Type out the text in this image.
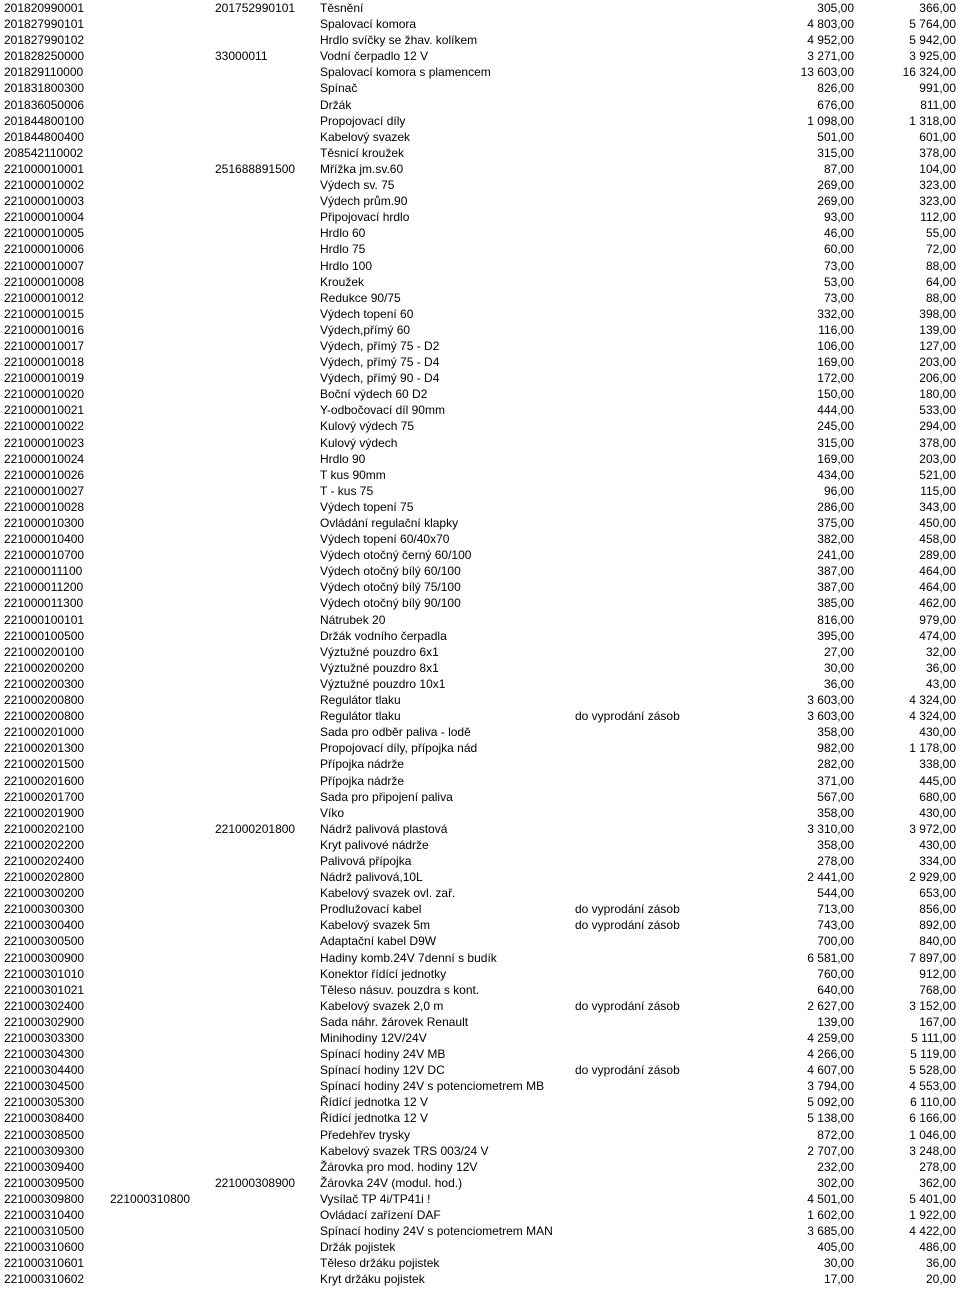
201820990001	201752990101 Těsnění	305,00	366,00
201827990101	Spalovací komora	4 803,00	5 764,00
201827990102	Hrdlo svíčky se žhav. kolíkem	4 952,00	5 942,00
201828250000	33000011	Vodní čerpadlo 12 V	3 271,00	3 925,00
201829110000	Spalovací komora s plamencem	13 603,00	16 324,00
201831800300	Spínač	826,00	991,00
201836050006	Držák	676,00	811,00
201844800100	Propojovací díly	1 098,00	1 318,00
201844800400	Kabelový svazek	501,00	601,00
208542110002	Těsnicí kroužek	315,00	378,00
221000010001	251688891500 Mřížka jm.sv.60	87,00	104,00
221000010002	Výdech sv. 75	269,00	323,00
221000010003	Výdech prům.90	269,00	323,00
221000010004	Připojovací hrdlo	93,00	112,00
221000010005	Hrdlo 60	46,00	55,00
221000010006	Hrdlo 75	60,00	72,00
221000010007	Hrdlo 100	73,00	88,00
221000010008	Kroužek	53,00	64,00
221000010012	Redukce 90/75	73,00	88,00
221000010015	Výdech topení 60	332,00	398,00
221000010016	Výdech,přímý 60	116,00	139,00
221000010017	Výdech, přímý 75 - D2	106,00	127,00
221000010018	Výdech, přímý 75 - D4	169,00	203,00
221000010019	Výdech, přímý 90 - D4	172,00	206,00
221000010020	Boční výdech 60 D2	150,00	180,00
221000010021	Y-odbočovací díl 90mm	444,00	533,00
221000010022	Kulový výdech 75	245,00	294,00
221000010023	Kulový výdech	315,00	378,00
221000010024	Hrdlo 90	169,00	203,00
221000010026	T kus 90mm	434,00	521,00
221000010027	T - kus 75	96,00	115,00
221000010028	Výdech topení 75	286,00	343,00
221000010300	Ovládání regulační klapky	375,00	450,00
221000010400	Výdech topení 60/40x70	382,00	458,00
221000010700	Výdech otočný černý 60/100	241,00	289,00
221000011100	Výdech otočný bílý 60/100	387,00	464,00
221000011200	Výdech otočný bílý 75/100	387,00	464,00
221000011300	Výdech otočný bílý 90/100	385,00	462,00
221000100101	Nátrubek 20	816,00	979,00
221000100500	Držák vodního čerpadla	395,00	474,00
221000200100	Výztužné pouzdro 6x1	27,00	32,00
221000200200	Výztužné pouzdro 8x1	30,00	36,00
221000200300	Výztužné pouzdro 10x1	36,00	43,00
221000200800	Regulátor tlaku	3 603,00	4 324,00
221000200800	Regulátor tlaku	do vyprodání zásob	3 603,00	4 324,00
221000201000	Sada pro odběr paliva - lodě	358,00	430,00
221000201300	Propojovací díly, přípojka nád	982,00	1 178,00
221000201500	Přípojka nádrže	282,00	338,00
221000201600	Přípojka nádrže	371,00	445,00
221000201700	Sada pro připojení paliva	567,00	680,00
221000201900	Víko	358,00	430,00
221000202100	221000201800 Nádrž palivová plastová	3 310,00	3 972,00
221000202200	Kryt palivové nádrže	358,00	430,00
221000202400	Palivová přípojka	278,00	334,00
221000202800	Nádrž palivová,10L	2 441,00	2 929,00
221000300200	Kabelový svazek ovl. zař.	544,00	653,00
221000300300	Prodlužovací kabel	do vyprodání zásob	713,00	856,00
221000300400	Kabelový svazek 5m	do vyprodání zásob	743,00	892,00
221000300500	Adaptační kabel D9W	700,00	840,00
221000300900	Hadiny komb.24V 7denní s budík	6 581,00	7 897,00
221000301010	Konektor řídící jednotky	760,00	912,00
221000301021	Těleso násuv. pouzdra s kont.	640,00	768,00
221000302400	Kabelový svazek 2,0 m	do vyprodání zásob	2 627,00	3 152,00
221000302900	Sada náhr. žárovek Renault	139,00	167,00
221000303300	Minihodiny 12V/24V	4 259,00	5 111,00
221000304300	Spínací hodiny 24V MB	4 266,00	5 119,00
221000304400	Spínací hodiny 12V DC	do vyprodání zásob	4 607,00	5 528,00
221000304500	Spínací hodiny 24V s potenciometrem MB	3 794,00	4 553,00
221000305300	Řídící jednotka 12 V	5 092,00	6 110,00
221000308400	Řídící jednotka 12 V	5 138,00	6 166,00
221000308500	Předehřev trysky	872,00	1 046,00
221000309300	Kabelový svazek TRS 003/24 V	2 707,00	3 248,00
221000309400	Žárovka pro mod. hodiny 12V	232,00	278,00
221000309500	221000308900 Žárovka 24V (modul. hod.)	302,00	362,00
221000309800 221000310800	Vysílač TP 4i/TP41i !	4 501,00	5 401,00
221000310400	Ovládací zařízení DAF	1 602,00	1 922,00
221000310500	Spínací hodiny 24V s potenciometrem MAN	3 685,00	4 422,00
221000310600	Držák pojistek	405,00	486,00
221000310601	Těleso držáku pojistek	30,00	36,00
221000310602	Kryt držáku pojistek	17,00	20,00
